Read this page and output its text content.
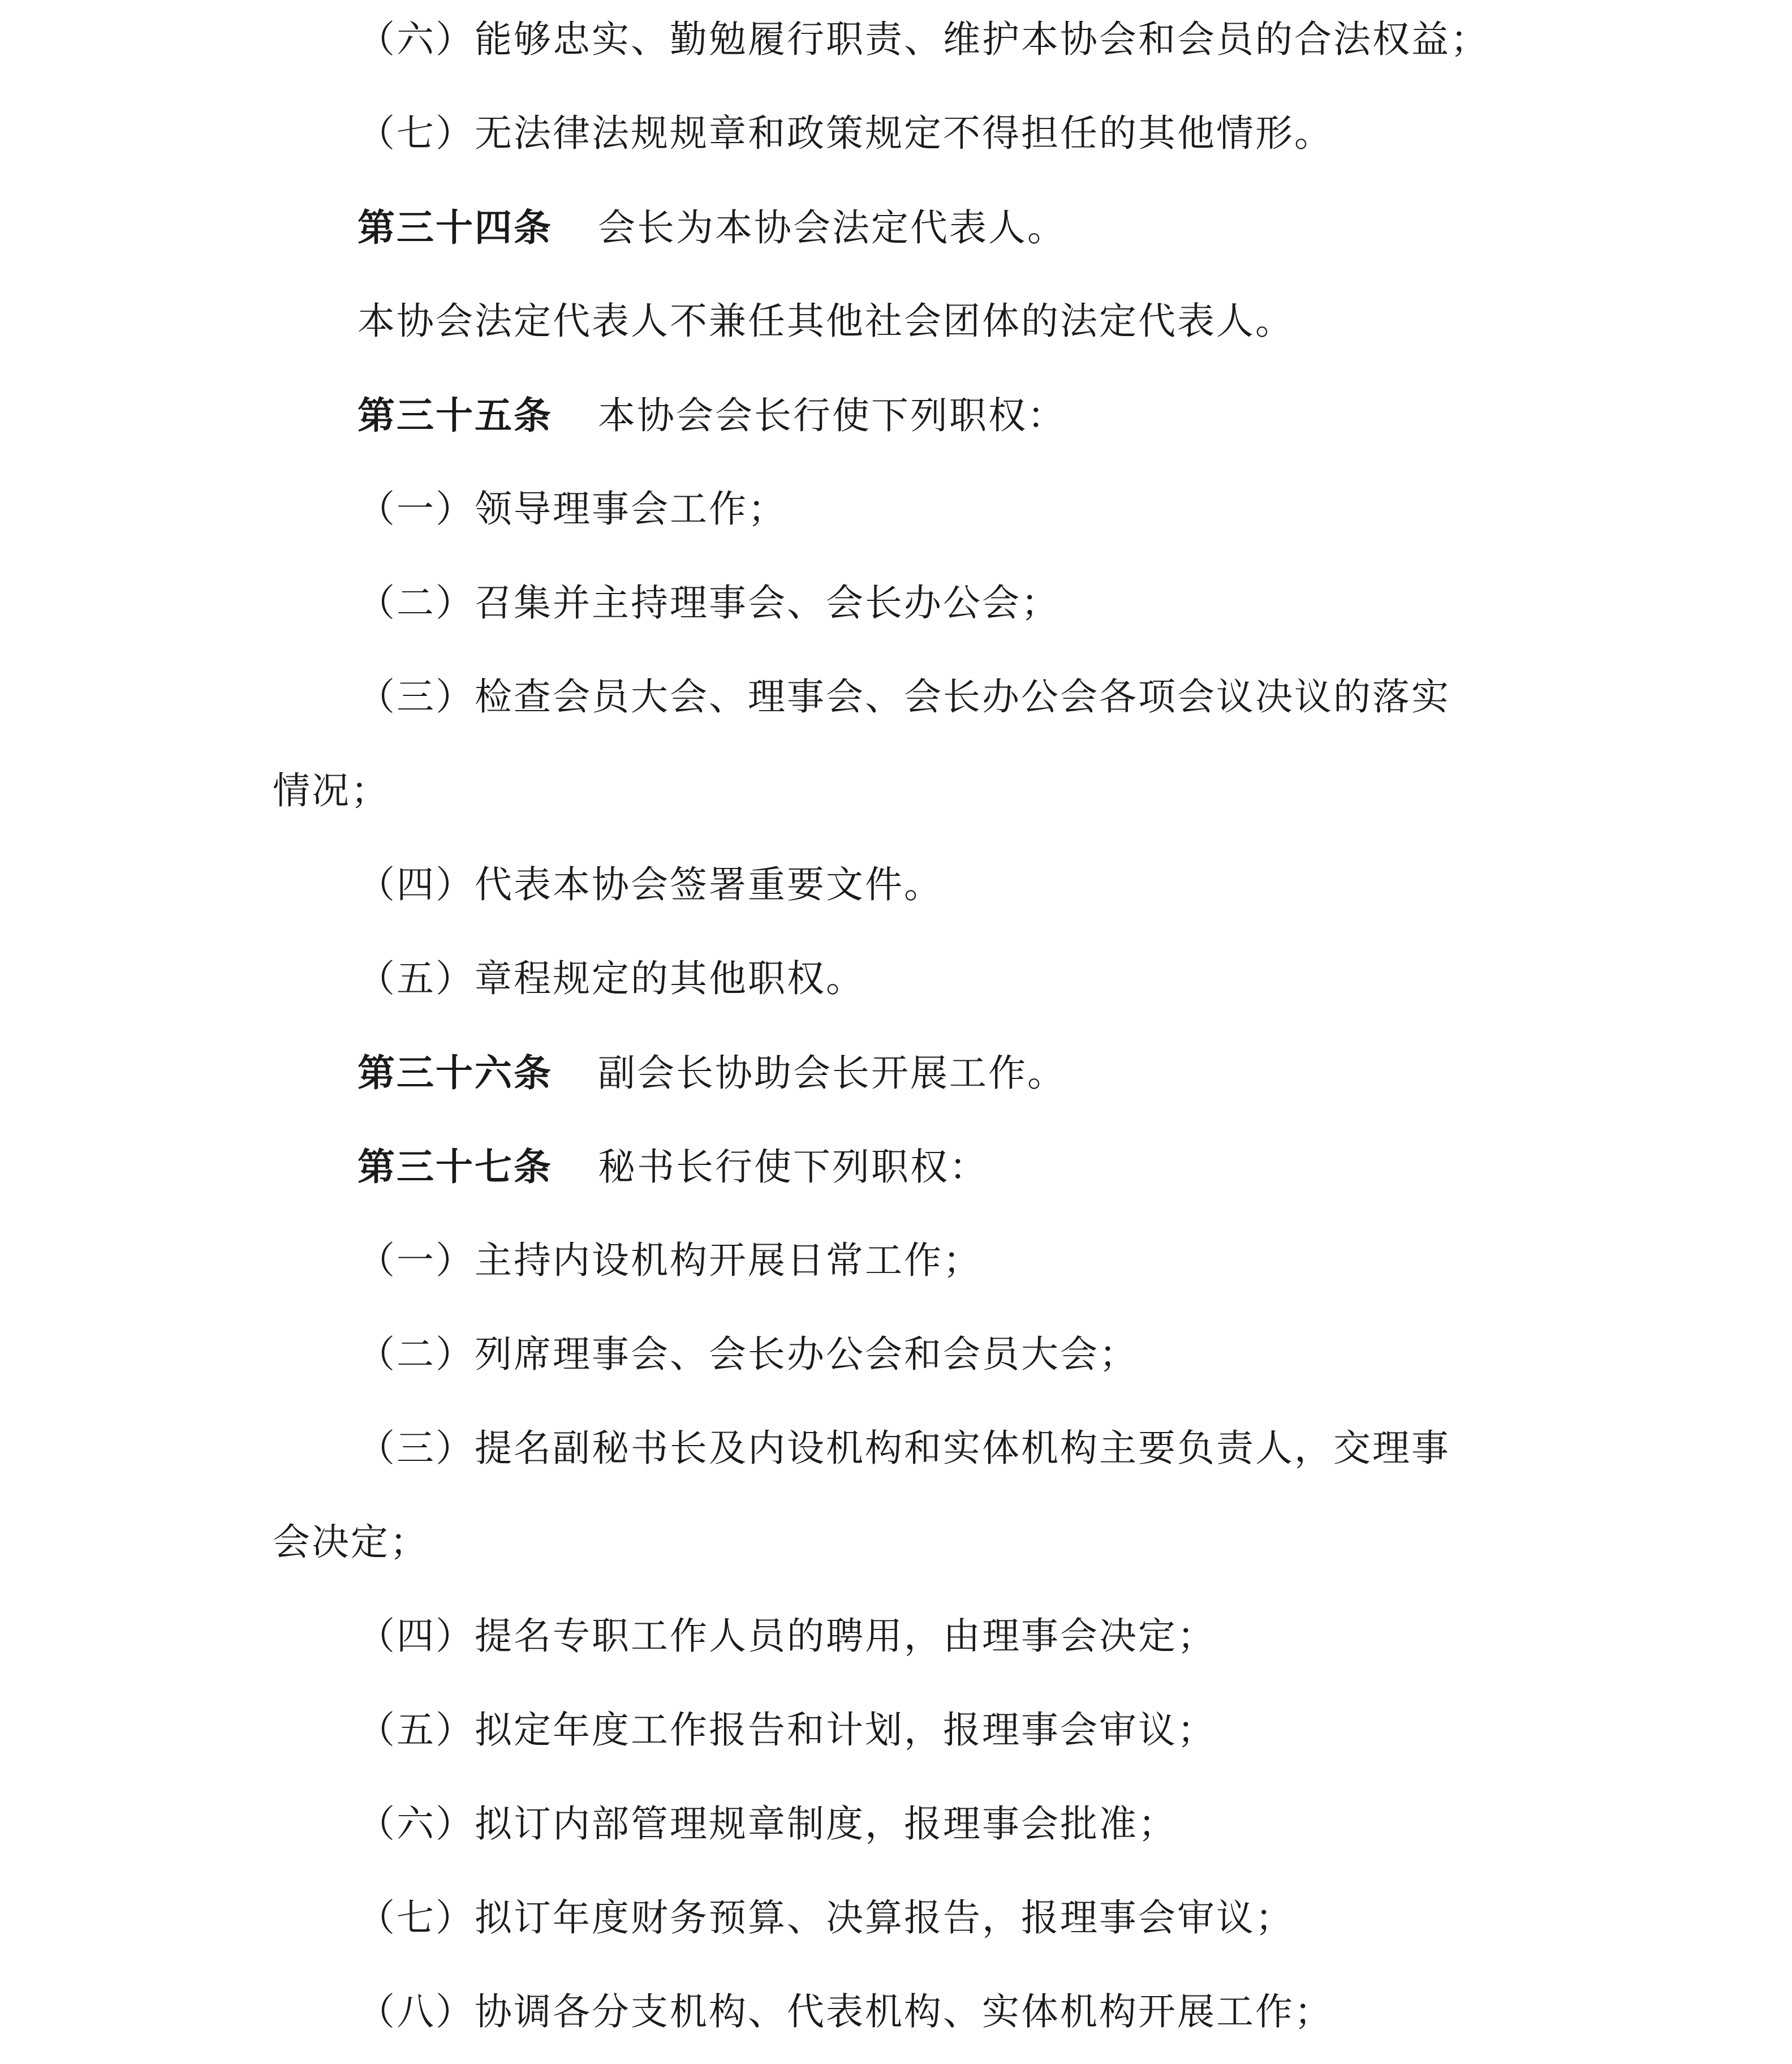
（六）能够忠实、勤勉履行职责、维护本协会和会员的合法权益；
（七）无法律法规规章和政策规定不得担任的其他情形。
第三十四条 会长为本协会法定代表人。
本协会法定代表人不兼任其他社会团体的法定代表人。
第三十五条 本协会会长行使下列职权：
（一）领导理事会工作；
（二）召集并主持理事会、会长办公会；
（三）检查会员大会、理事会、会长办公会各项会议决议的落实
情况；
（四）代表本协会签署重要文件。
（五）章程规定的其他职权。
第三十六条 副会长协助会长开展工作。
第三十七条 秘书长行使下列职权：
（一）主持内设机构开展日常工作；
（二）列席理事会、会长办公会和会员大会；
（三）提名副秘书长及内设机构和实体机构主要负责人，交理事
会决定；
（四）提名专职工作人员的聘用，由理事会决定；
（五）拟定年度工作报告和计划，报理事会审议；
（六）拟订内部管理规章制度，报理事会批准；
（七）拟订年度财务预算、决算报告，报理事会审议；
（八）协调各分支机构、代表机构、实体机构开展工作；
